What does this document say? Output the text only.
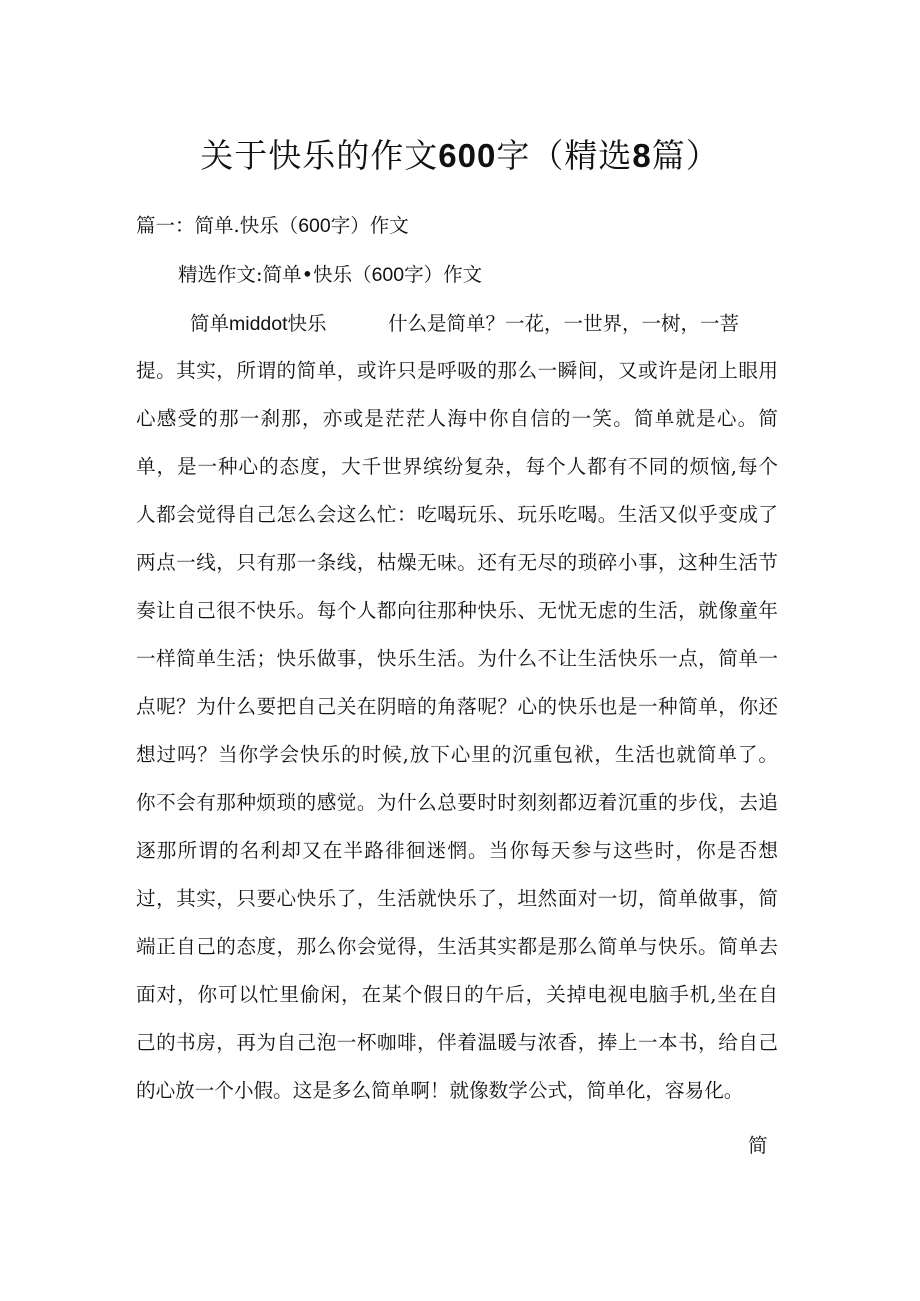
关于快乐的作文600字（精选8篇）
篇一：简单.快乐（600字）作文
精选作文:简单•快乐（600字）作文
简单middot快乐	什么是简单？一花，一世界，一树，一菩
提。其实，所谓的简单，或许只是呼吸的那么一瞬间，又或许是闭上眼用
心感受的那一刹那，亦或是茫茫人海中你自信的一笑。简单就是心。简
单，是一种心的态度，大千世界缤纷复杂，每个人都有不同的烦恼,每个
人都会觉得自己怎么会这么忙：吃喝玩乐、玩乐吃喝。生活又似乎变成了
两点一线，只有那一条线，枯燥无味。还有无尽的琐碎小事，这种生活节
奏让自己很不快乐。每个人都向往那种快乐、无忧无虑的生活，就像童年
一样简单生活；快乐做事，快乐生活。为什么不让生活快乐一点，简单一
点呢？为什么要把自己关在阴暗的角落呢？心的快乐也是一种简单，你还
想过吗？当你学会快乐的时候,放下心里的沉重包袱，生活也就简单了。
你不会有那种烦琐的感觉。为什么总要时时刻刻都迈着沉重的步伐，去追
逐那所谓的名利却又在半路徘徊迷惘。当你每天参与这些时，你是否想
过，其实，只要心快乐了，生活就快乐了，坦然面对一切，简单做事，简
端正自己的态度，那么你会觉得，生活其实都是那么简单与快乐。简单去
面对，你可以忙里偷闲，在某个假日的午后，关掉电视电脑手机,坐在自
己的书房，再为自己泡一杯咖啡，伴着温暖与浓香，捧上一本书，给自己
的心放一个小假。这是多么简单啊！就像数学公式，简单化，容易化。
简
